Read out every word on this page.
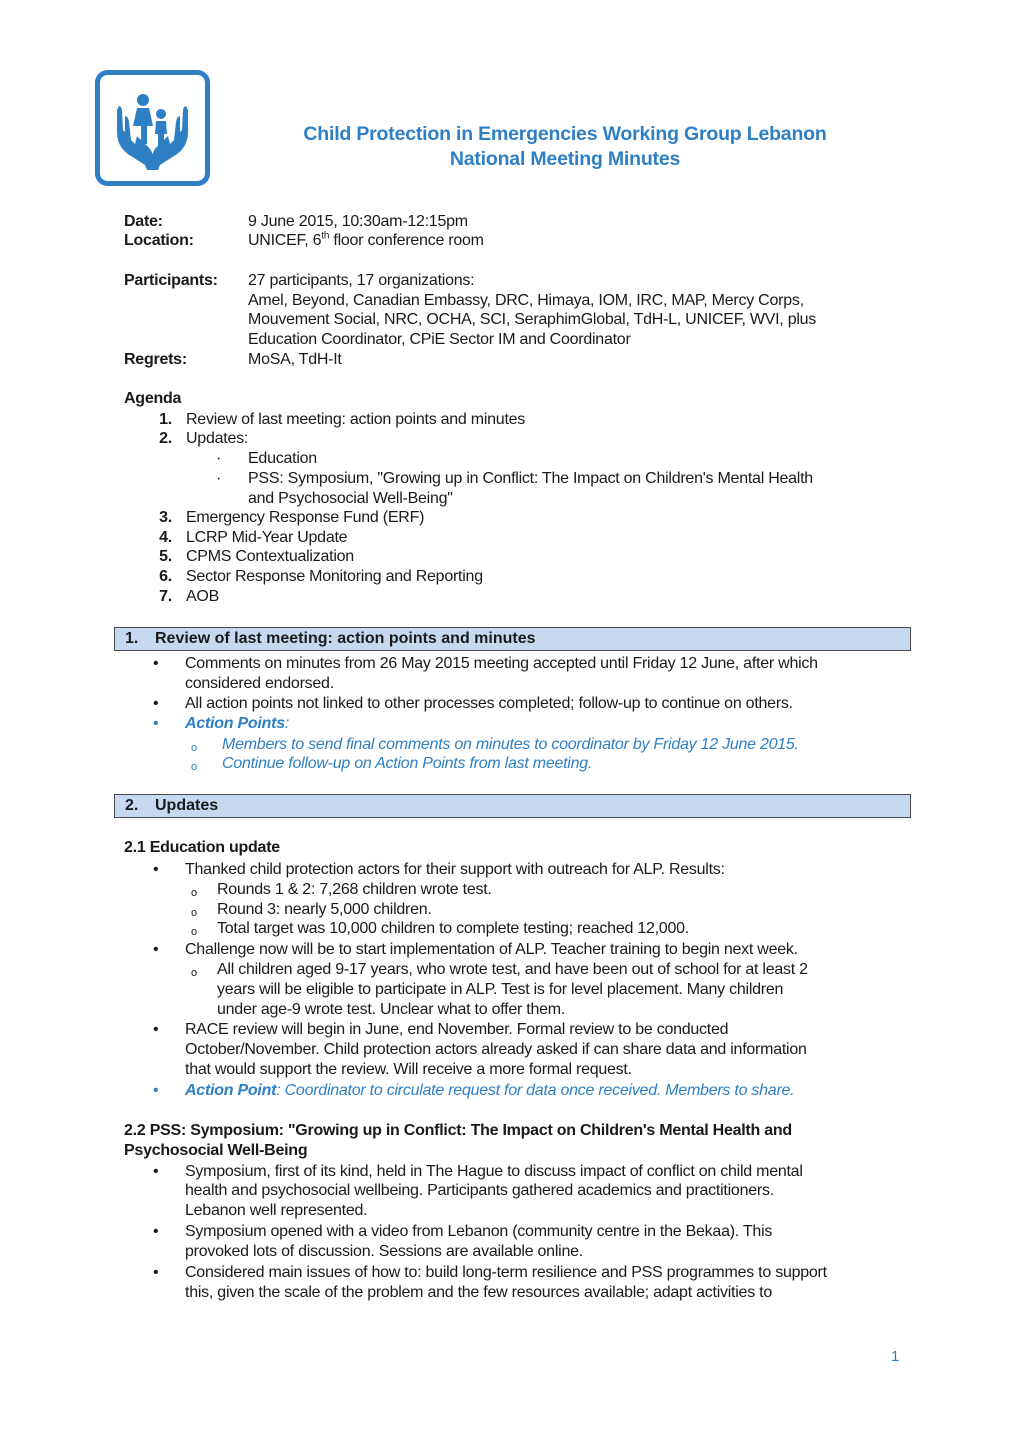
Child Protection in Emergencies Working Group Lebanon
National Meeting Minutes
Date:	9 June 2015, 10:30am-12:15pm
Location:	UNICEF, 6th floor conference room
Participants: 27 participants, 17 organizations:
Amel, Beyond, Canadian Embassy, DRC, Himaya, IOM, IRC, MAP, Mercy Corps,
Mouvement Social, NRC, OCHA, SCI, SeraphimGlobal, TdH-L, UNICEF, WVI, plus
Education Coordinator, CPiE Sector IM and Coordinator
Regrets:	MoSA, TdH-It
Agenda
1. Review of last meeting: action points and minutes
2. Updates:
· Education
· PSS: Symposium, "Growing up in Conflict: The Impact on Children's Mental Health
and Psychosocial Well-Being"
3. Emergency Response Fund (ERF)
4. LCRP Mid-Year Update
5. CPMS Contextualization
6. Sector Response Monitoring and Reporting
7. AOB
1. Review of last meeting: action points and minutes
• Comments on minutes from 26 May 2015 meeting accepted until Friday 12 June, after which
considered endorsed.
• All action points not linked to other processes completed; follow-up to continue on others.
• Action Points:
o Members to send final comments on minutes to coordinator by Friday 12 June 2015.
o Continue follow-up on Action Points from last meeting.
2. Updates
2.1 Education update
• Thanked child protection actors for their support with outreach for ALP. Results:
o Rounds 1 & 2: 7,268 children wrote test.
o Round 3: nearly 5,000 children.
o Total target was 10,000 children to complete testing; reached 12,000.
• Challenge now will be to start implementation of ALP. Teacher training to begin next week.
o All children aged 9-17 years, who wrote test, and have been out of school for at least 2
years will be eligible to participate in ALP. Test is for level placement. Many children
under age-9 wrote test. Unclear what to offer them.
• RACE review will begin in June, end November. Formal review to be conducted
October/November. Child protection actors already asked if can share data and information
that would support the review. Will receive a more formal request.
• Action Point: Coordinator to circulate request for data once received. Members to share.
2.2 PSS: Symposium: "Growing up in Conflict: The Impact on Children's Mental Health and
Psychosocial Well-Being
• Symposium, first of its kind, held in The Hague to discuss impact of conflict on child mental
health and psychosocial wellbeing. Participants gathered academics and practitioners.
Lebanon well represented.
• Symposium opened with a video from Lebanon (community centre in the Bekaa). This
provoked lots of discussion. Sessions are available online.
• Considered main issues of how to: build long-term resilience and PSS programmes to support
this, given the scale of the problem and the few resources available; adapt activities to
1
